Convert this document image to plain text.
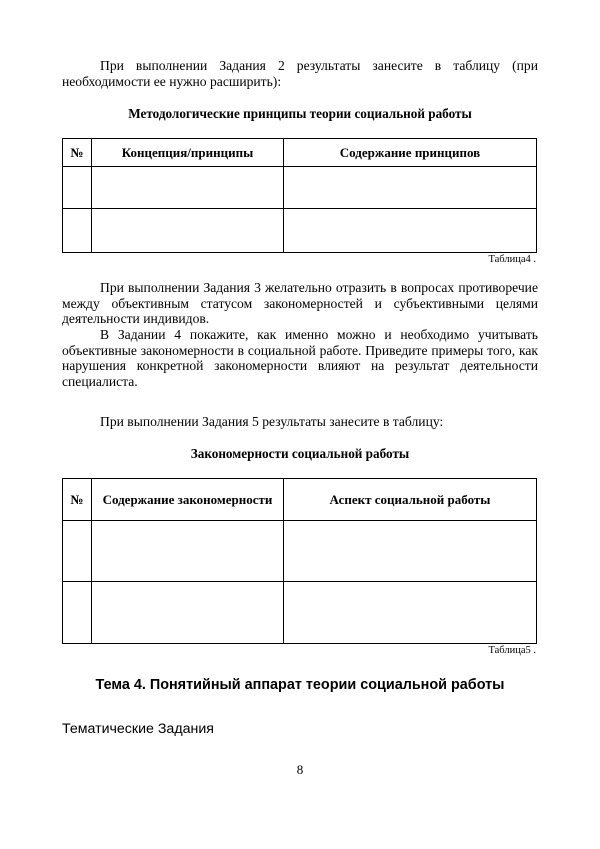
При выполнении Задания 2 результаты занесите в таблицу (при необходимости ее нужно расширить):
Методологические принципы теории социальной работы
№	Концепция/принципы	Содержание принципов

Таблица4 .
При выполнении Задания 3 желательно отразить в вопросах противоречие между объективным статусом закономерностей и субъективными целями деятельности индивидов.
В Задании 4 покажите, как именно можно и необходимо учитывать объективные закономерности в социальной работе. Приведите примеры того, как нарушения конкретной закономерности влияют на результат деятельности специалиста.
При выполнении Задания 5 результаты занесите в таблицу:
Закономерности социальной работы
№	Содержание закономерности	Аспект социальной работы

Таблица5 .
Тема 4. Понятийный аппарат теории социальной работы
Тематические Задания
8
